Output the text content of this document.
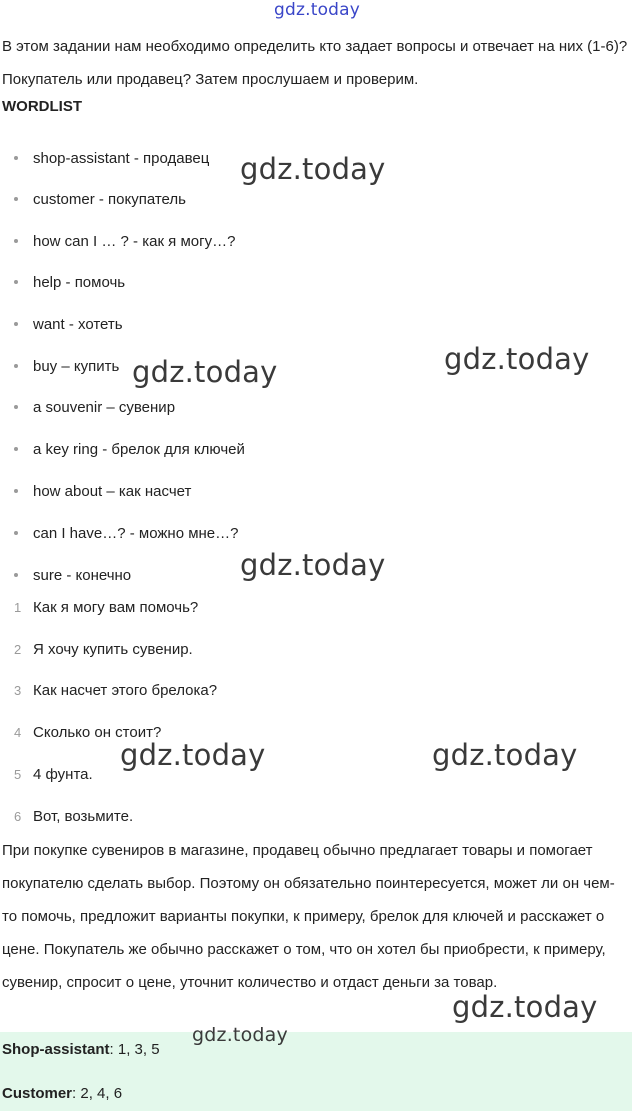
В этом задании нам необходимо определить кто задает вопросы и отвечает на них (1-6)? Покупатель или продавец? Затем прослушаем и проверим.

WORDLIST

shop-assistant - продавец
customer - покупатель
how can I … ? - как я могу…?
help - помочь
want - хотеть
buy – купить
a souvenir – сувенир
a key ring - брелок для ключей
how about – как насчет
can I have…? - можно мне…?
sure - конечно
1 Как я могу вам помочь?
2 Я хочу купить сувенир.
3 Как насчет этого брелока?
4 Сколько он стоит?
5 4 фунта.
6 Вот, возьмите.

При покупке сувениров в магазине, продавец обычно предлагает товары и помогает покупателю сделать выбор. Поэтому он обязательно поинтересуется, может ли он чем-то помочь, предложит варианты покупки, к примеру, брелок для ключей и расскажет о цене. Покупатель же обычно расскажет о том, что он хотел бы приобрести, к примеру, сувенир, спросит о цене, уточнит количество и отдаст деньги за товар.

Shop-assistant: 1, 3, 5
Customer: 2, 4, 6
gdz.today
gdz.today
gdz.today
gdz.today
gdz.today
gdz.today	gdz.today
gdz.today
gdz.today
